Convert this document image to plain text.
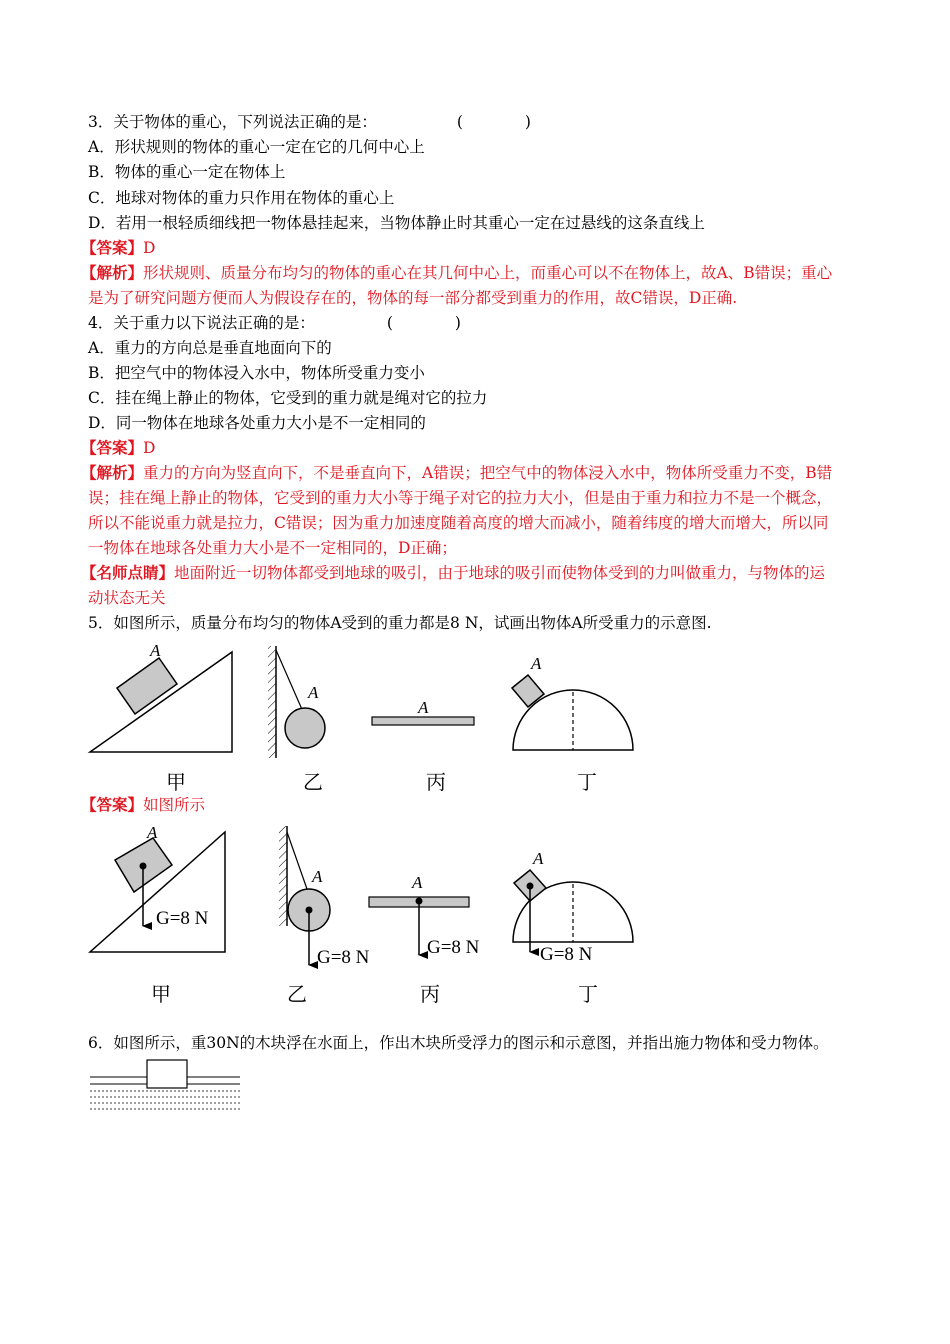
3．关于物体的重心，下列说法正确的是：	(　　　　)
A．形状规则的物体的重心一定在它的几何中心上
B．物体的重心一定在物体上
C．地球对物体的重力只作用在物体的重心上
D．若用一根轻质细线把一物体悬挂起来，当物体静止时其重心一定在过悬线的这条直线上
【答案】D
【解析】形状规则、质量分布均匀的物体的重心在其几何中心上，而重心可以不在物体上，故A、B错误；重心
是为了研究问题方便而人为假设存在的，物体的每一部分都受到重力的作用，故C错误，D正确.
4．关于重力以下说法正确的是：	(　　　　)
A．重力的方向总是垂直地面向下的
B．把空气中的物体浸入水中，物体所受重力变小
C．挂在绳上静止的物体，它受到的重力就是绳对它的拉力
D．同一物体在地球各处重力大小是不一定相同的
【答案】D
【解析】重力的方向为竖直向下，不是垂直向下，A错误；把空气中的物体浸入水中，物体所受重力不变，B错
误；挂在绳上静止的物体，它受到的重力大小等于绳子对它的拉力大小，但是由于重力和拉力不是一个概念，
所以不能说重力就是拉力，C错误；因为重力加速度随着高度的增大而减小，随着纬度的增大而增大，所以同
一物体在地球各处重力大小是不一定相同的，D正确；
【名师点睛】地面附近一切物体都受到地球的吸引，由于地球的吸引而使物体受到的力叫做重力，与物体的运
动状态无关
5．如图所示，质量分布均匀的物体A受到的重力都是8 N，试画出物体A所受重力的示意图.
A
A
A
A
甲	乙	丙	丁
【答案】如图所示
A
G=8 N
A
G=8 N
A
G=8 N
A
G=8 N
甲	乙	丙	丁
6．如图所示，重30N的木块浮在水面上，作出木块所受浮力的图示和示意图，并指出施力物体和受力物体。
